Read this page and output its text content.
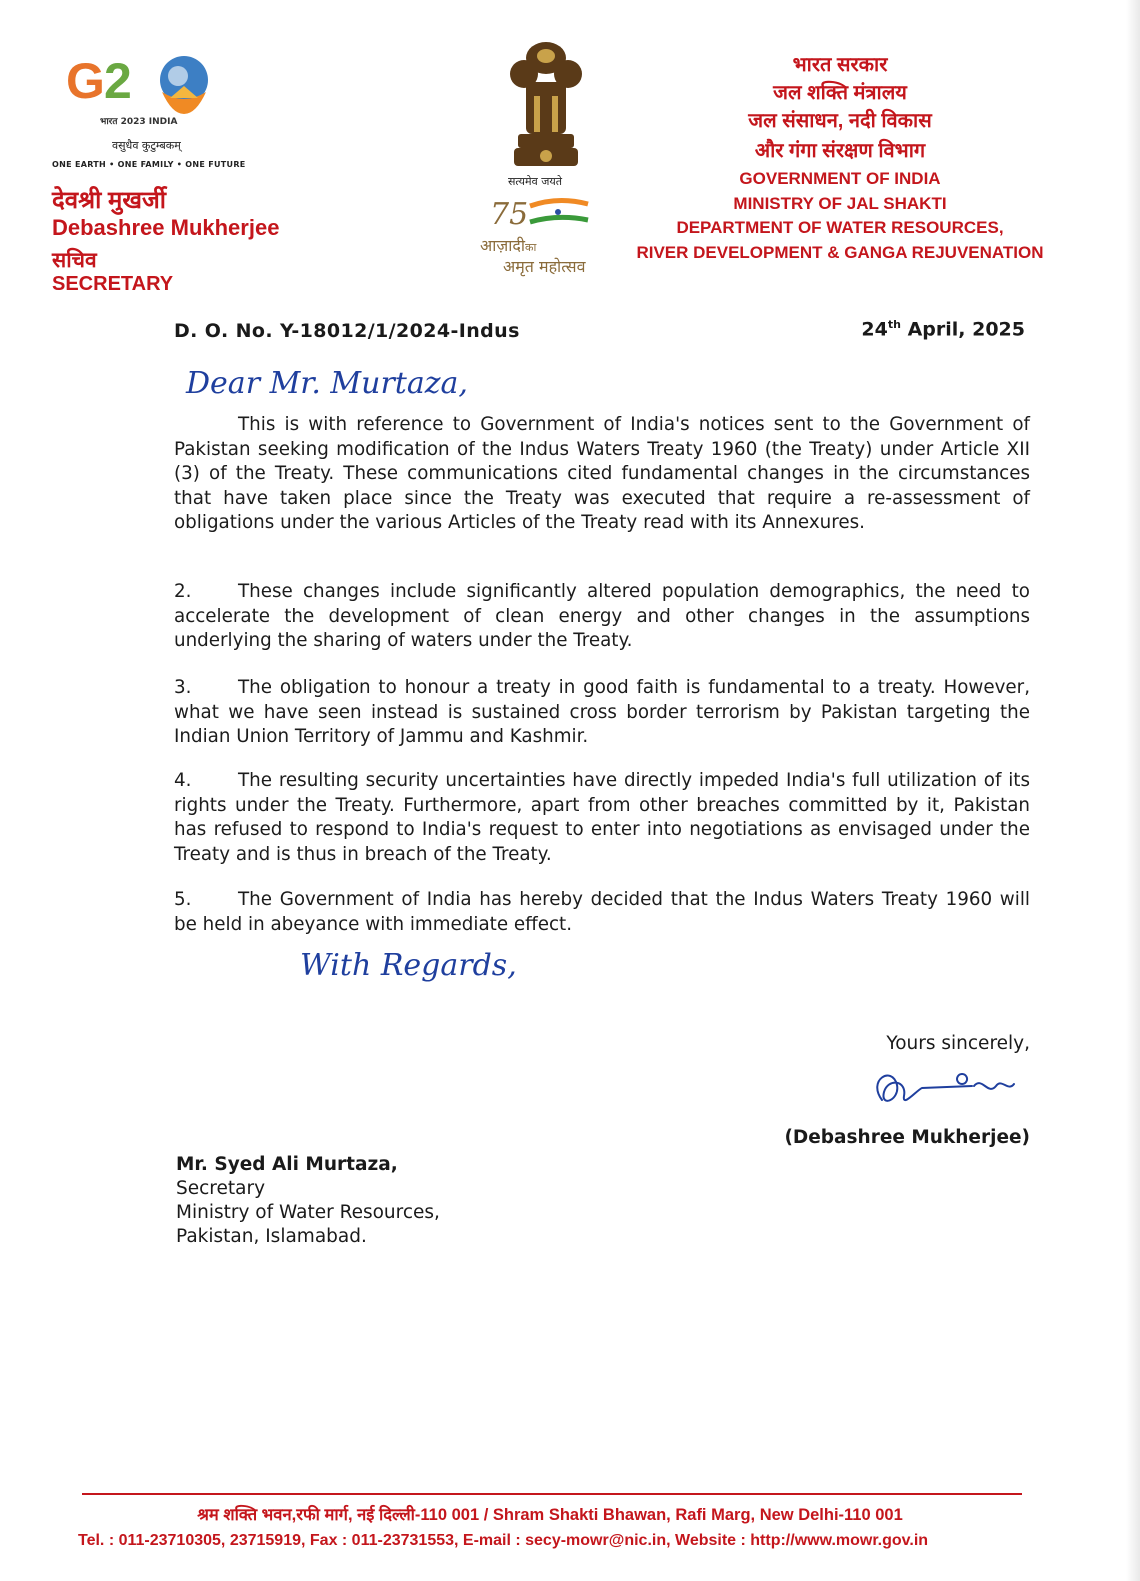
G 2
भारत 2023 INDIA
वसुधैव कुटुम्बकम्
ONE EARTH • ONE FAMILY • ONE FUTURE
देवश्री मुखर्जी
Debashree Mukherjee
सचिव
SECRETARY
सत्यमेव जयते
75
आज़ादीका
अमृत महोत्सव
भारत सरकार
जल शक्ति मंत्रालय
जल संसाधन, नदी विकास
और गंगा संरक्षण विभाग
GOVERNMENT OF INDIA
MINISTRY OF JAL SHAKTI
DEPARTMENT OF WATER RESOURCES,
RIVER DEVELOPMENT & GANGA REJUVENATION
D. O. No. Y-18012/1/2024-Indus	24th April, 2025
Dear Mr. Murtaza,
This is with reference to Government of India's notices sent to the Government of Pakistan seeking modification of the Indus Waters Treaty 1960 (the Treaty) under Article XII (3) of the Treaty. These communications cited fundamental changes in the circumstances that have taken place since the Treaty was executed that require a re-assessment of obligations under the various Articles of the Treaty read with its Annexures.
2.	These changes include significantly altered population demographics, the need to accelerate the development of clean energy and other changes in the assumptions underlying the sharing of waters under the Treaty.
3.	The obligation to honour a treaty in good faith is fundamental to a treaty. However, what we have seen instead is sustained cross border terrorism by Pakistan targeting the Indian Union Territory of Jammu and Kashmir.
4.	The resulting security uncertainties have directly impeded India's full utilization of its rights under the Treaty. Furthermore, apart from other breaches committed by it, Pakistan has refused to respond to India's request to enter into negotiations as envisaged under the Treaty and is thus in breach of the Treaty.
5.	The Government of India has hereby decided that the Indus Waters Treaty 1960 will be held in abeyance with immediate effect.
With Regards,
Yours sincerely,
(Debashree Mukherjee)
Mr. Syed Ali Murtaza,
Secretary
Ministry of Water Resources,
Pakistan, Islamabad.
श्रम शक्ति भवन,रफी मार्ग, नई दिल्ली-110 001 / Shram Shakti Bhawan, Rafi Marg, New Delhi-110 001
Tel. : 011-23710305, 23715919, Fax : 011-23731553, E-mail : secy-mowr@nic.in, Website : http://www.mowr.gov.in
